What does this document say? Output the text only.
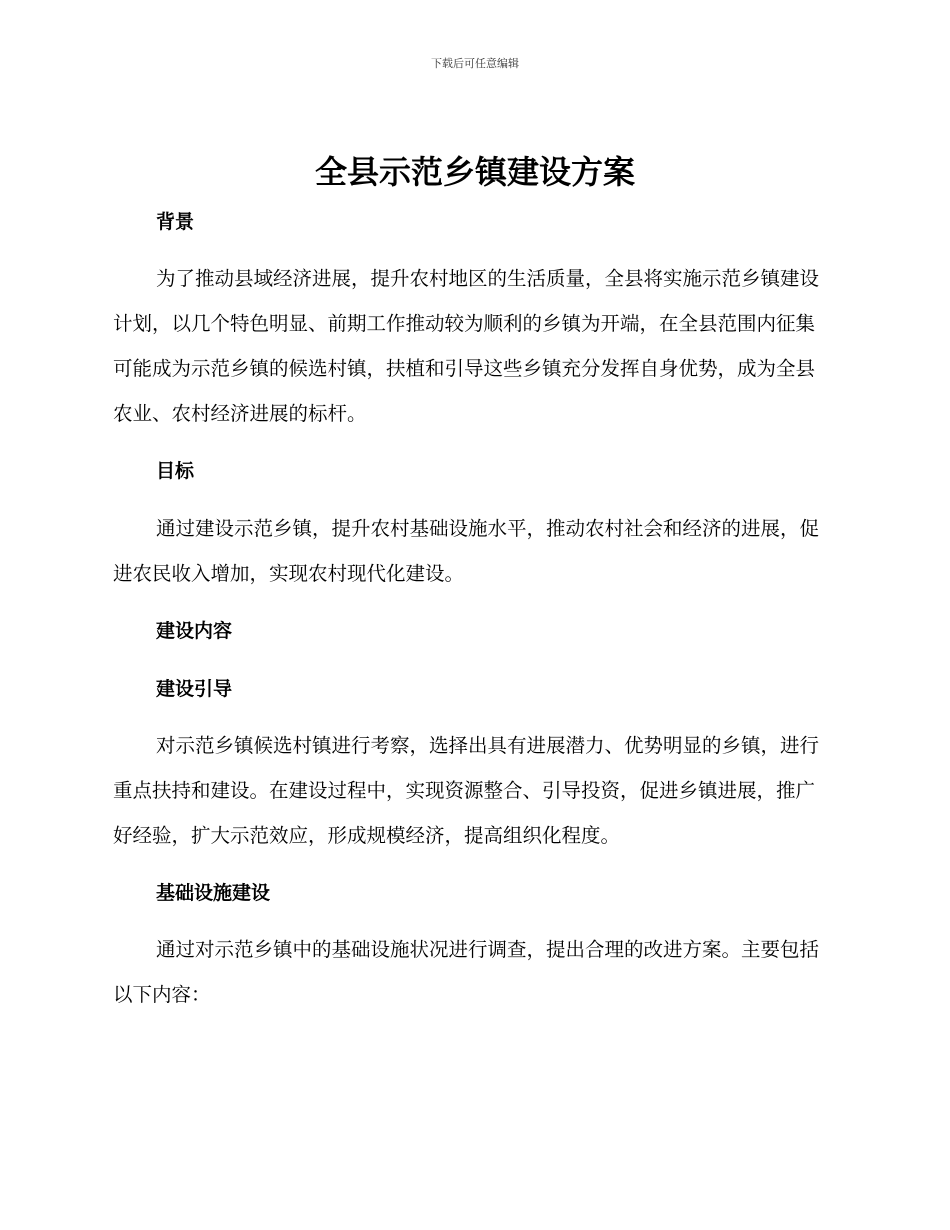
下载后可任意编辑
全县示范乡镇建设方案
背景

为了推动县域经济进展，提升农村地区的生活质量，全县将实施示范乡镇建设计划，以几个特色明显、前期工作推动较为顺利的乡镇为开端，在全县范围内征集可能成为示范乡镇的候选村镇，扶植和引导这些乡镇充分发挥自身优势，成为全县农业、农村经济进展的标杆。

目标

通过建设示范乡镇，提升农村基础设施水平，推动农村社会和经济的进展，促进农民收入增加，实现农村现代化建设。

建设内容
建设引导

对示范乡镇候选村镇进行考察，选择出具有进展潜力、优势明显的乡镇，进行重点扶持和建设。在建设过程中，实现资源整合、引导投资，促进乡镇进展，推广好经验，扩大示范效应，形成规模经济，提高组织化程度。

基础设施建设

通过对示范乡镇中的基础设施状况进行调查，提出合理的改进方案。主要包括以下内容：
